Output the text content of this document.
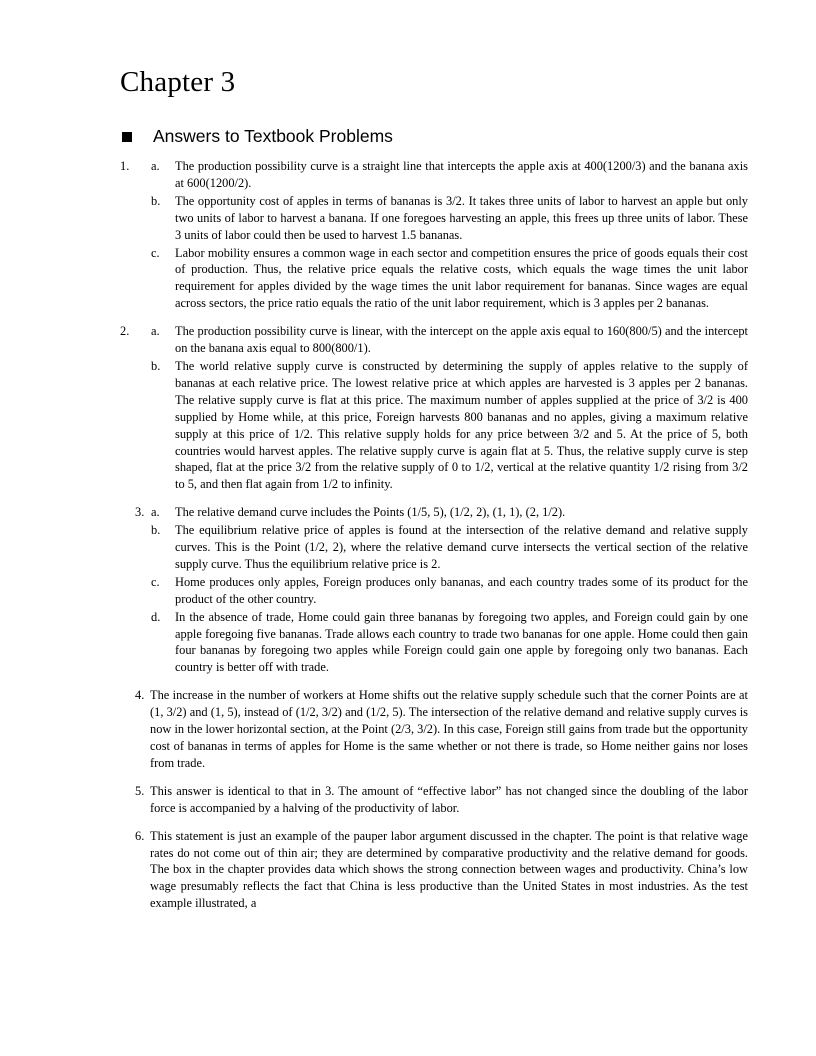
Chapter 3
Answers to Textbook Problems
1. a. The production possibility curve is a straight line that intercepts the apple axis at 400(1200/3) and the banana axis at 600(1200/2).
b. The opportunity cost of apples in terms of bananas is 3/2. It takes three units of labor to harvest an apple but only two units of labor to harvest a banana. If one foregoes harvesting an apple, this frees up three units of labor. These 3 units of labor could then be used to harvest 1.5 bananas.
c. Labor mobility ensures a common wage in each sector and competition ensures the price of goods equals their cost of production. Thus, the relative price equals the relative costs, which equals the wage times the unit labor requirement for apples divided by the wage times the unit labor requirement for bananas. Since wages are equal across sectors, the price ratio equals the ratio of the unit labor requirement, which is 3 apples per 2 bananas.
2. a. The production possibility curve is linear, with the intercept on the apple axis equal to 160(800/5) and the intercept on the banana axis equal to 800(800/1).
b. The world relative supply curve is constructed by determining the supply of apples relative to the supply of bananas at each relative price. The lowest relative price at which apples are harvested is 3 apples per 2 bananas. The relative supply curve is flat at this price. The maximum number of apples supplied at the price of 3/2 is 400 supplied by Home while, at this price, Foreign harvests 800 bananas and no apples, giving a maximum relative supply at this price of 1/2. This relative supply holds for any price between 3/2 and 5. At the price of 5, both countries would harvest apples. The relative supply curve is again flat at 5. Thus, the relative supply curve is step shaped, flat at the price 3/2 from the relative supply of 0 to 1/2, vertical at the relative quantity 1/2 rising from 3/2 to 5, and then flat again from 1/2 to infinity.
3. a. The relative demand curve includes the Points (1/5, 5), (1/2, 2), (1, 1), (2, 1/2).
b. The equilibrium relative price of apples is found at the intersection of the relative demand and relative supply curves. This is the Point (1/2, 2), where the relative demand curve intersects the vertical section of the relative supply curve. Thus the equilibrium relative price is 2.
c. Home produces only apples, Foreign produces only bananas, and each country trades some of its product for the product of the other country.
d. In the absence of trade, Home could gain three bananas by foregoing two apples, and Foreign could gain by one apple foregoing five bananas. Trade allows each country to trade two bananas for one apple. Home could then gain four bananas by foregoing two apples while Foreign could gain one apple by foregoing only two bananas. Each country is better off with trade.
4. The increase in the number of workers at Home shifts out the relative supply schedule such that the corner Points are at (1, 3/2) and (1, 5), instead of (1/2, 3/2) and (1/2, 5). The intersection of the relative demand and relative supply curves is now in the lower horizontal section, at the Point (2/3, 3/2). In this case, Foreign still gains from trade but the opportunity cost of bananas in terms of apples for Home is the same whether or not there is trade, so Home neither gains nor loses from trade.
5. This answer is identical to that in 3. The amount of “effective labor” has not changed since the doubling of the labor force is accompanied by a halving of the productivity of labor.
6. This statement is just an example of the pauper labor argument discussed in the chapter. The point is that relative wage rates do not come out of thin air; they are determined by comparative productivity and the relative demand for goods. The box in the chapter provides data which shows the strong connection between wages and productivity. China’s low wage presumably reflects the fact that China is less productive than the United States in most industries. As the test example illustrated, a
